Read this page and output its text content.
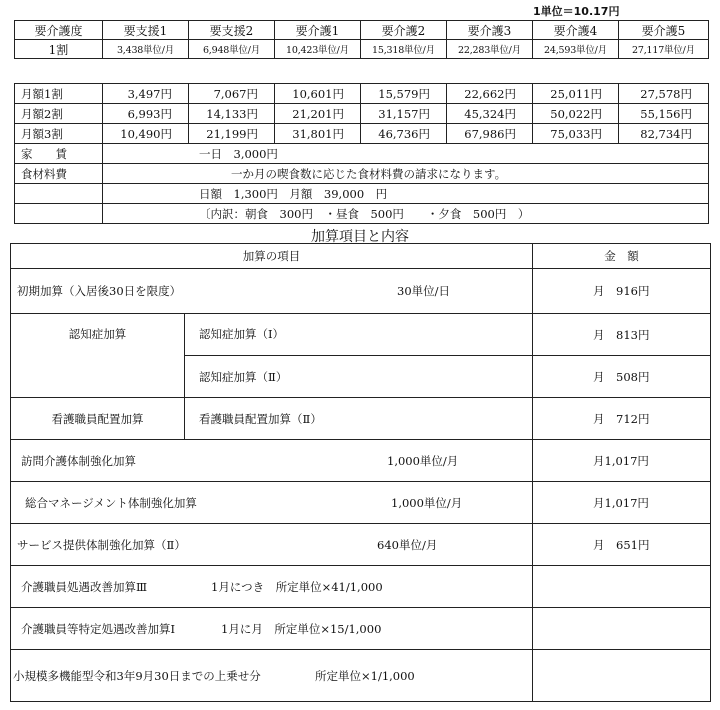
1単位＝10.17円
要介護度	要支援1	要支援2	要介護1	要介護2	要介護3	要介護4	要介護5
1割	3,438単位/月	6,948単位/月	10,423単位/月	15,318単位/月	22,283単位/月	24,593単位/月	27,117単位/月
月額1割	3,497円	7,067円	10,601円	15,579円	22,662円	25,011円	27,578円
月額2割	6,993円	14,133円	21,201円	31,157円	45,324円	50,022円	55,156円
月額3割	10,490円	21,199円	31,801円	46,736円	67,986円	75,033円	82,734円
家　　賃	一日　3,000円						
食材料費	一か月の喫食数に応じた食材料費の請求になります。						
	日額　1,300円　月額　39,000　円						
	〔内訳：朝食　300円　・昼食　500円　　・夕食　500円　）						
加算項目と内容
加算の項目		金　額

初期加算（入居後30日を限度） 30単位/日		月　916円
認知症加算	認知症加算（Ⅰ）	月　813円
	認知症加算（Ⅱ）	月　508円
看護職員配置加算	看護職員配置加算（Ⅱ）	月　712円

訪問介護体制強化加算 1,000単位/月		月1,017円

総合マネージメント体制強化加算 1,000単位/月		月1,017円

サービス提供体制強化加算（Ⅱ） 640単位/月		月　651円

介護職員処遇改善加算Ⅲ 1月につき　所定単位×41/1,000		

介護職員等特定処遇改善加算Ⅰ 1月に月　所定単位×15/1,000		

小規模多機能型令和3年9月30日までの上乗せ分 所定単位×1/1,000		
